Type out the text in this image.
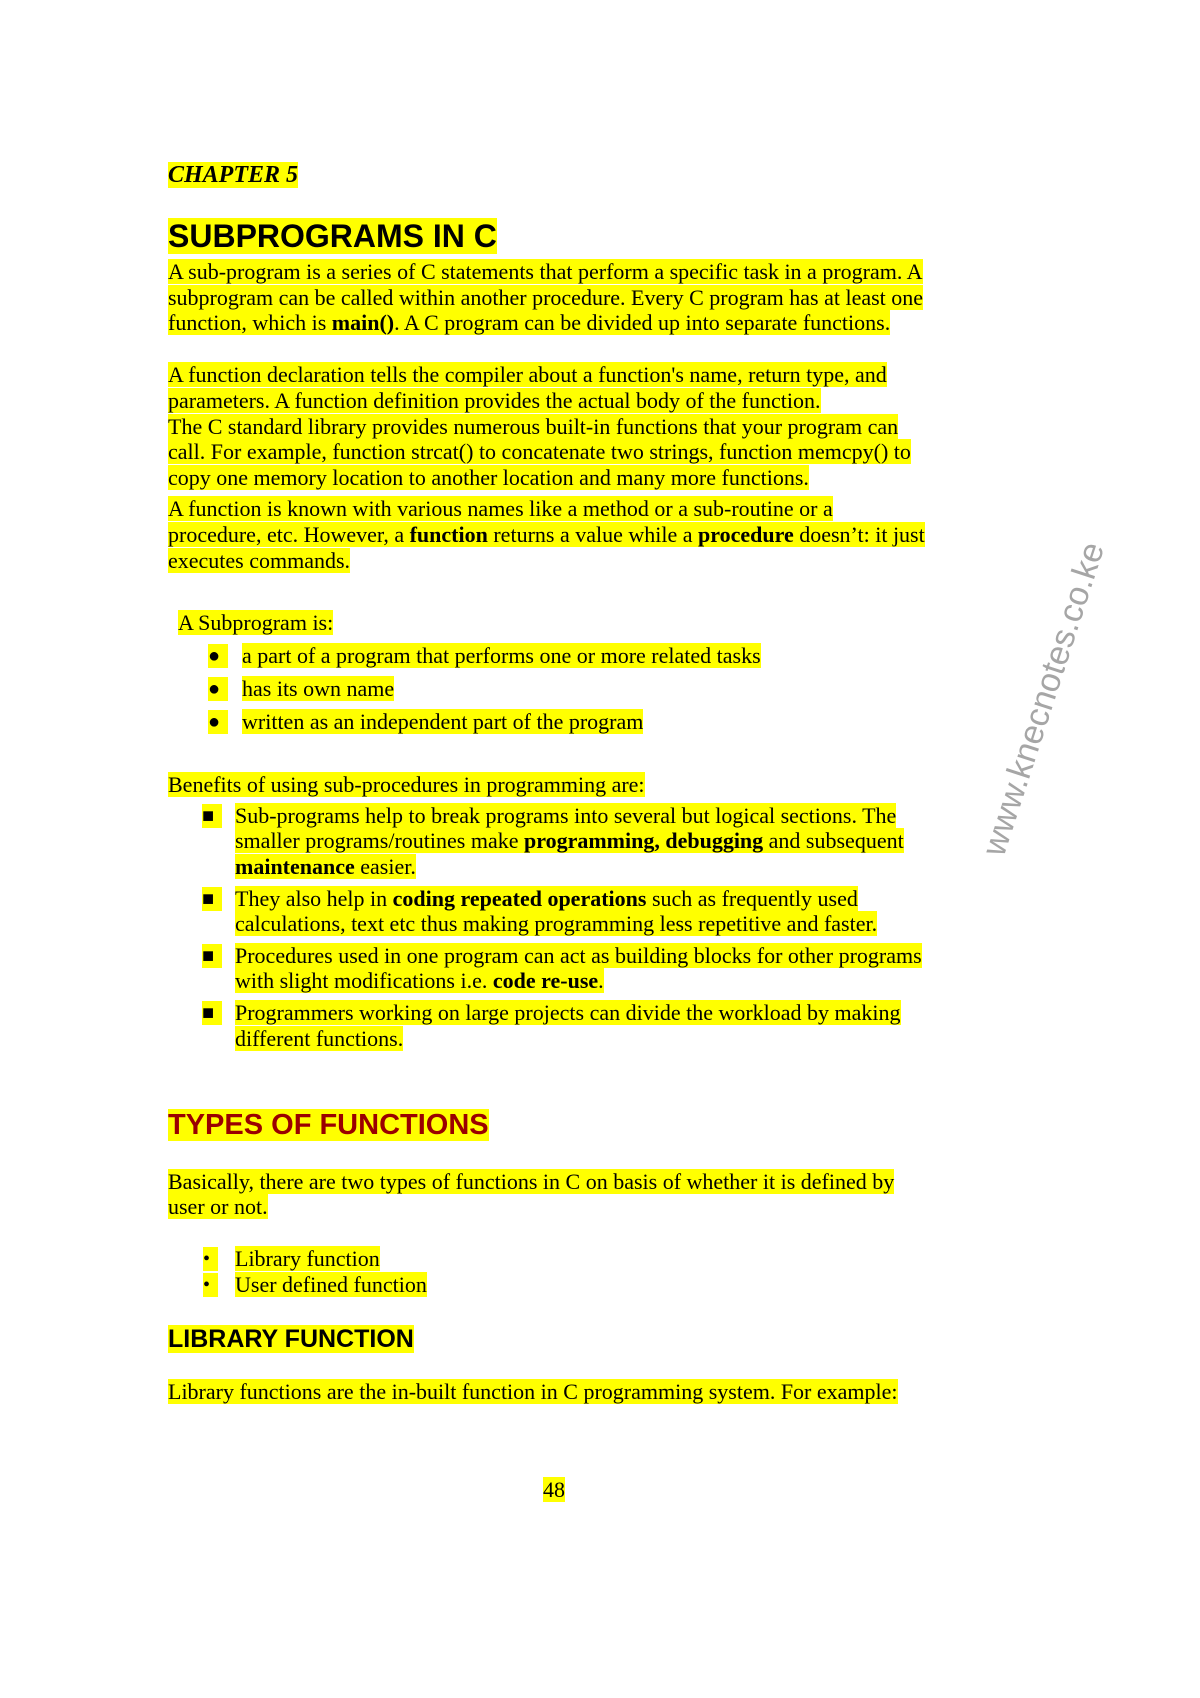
www.knecnotes.co.ke
CHAPTER 5
SUBPROGRAMS IN C
TYPES OF FUNCTIONS
LIBRARY FUNCTION
48
A sub-program is a series of C statements that perform a specific task in a program. A
subprogram can be called within another procedure. Every C program has at least one
function, which is main(). A C program can be divided up into separate functions.
A function declaration tells the compiler about a function's name, return type, and
parameters. A function definition provides the actual body of the function.
The C standard library provides numerous built-in functions that your program can
call. For example, function strcat() to concatenate two strings, function memcpy() to
copy one memory location to another location and many more functions.
A function is known with various names like a method or a sub-routine or a
procedure, etc. However, a function returns a value while a procedure doesn’t: it just
executes commands.
A Subprogram is:
● a part of a program that performs one or more related tasks
● has its own name
● written as an independent part of the program
Benefits of using sub-procedures in programming are:
■ Sub-programs help to break programs into several but logical sections. The
smaller programs/routines make programming, debugging and subsequent
maintenance easier.
■ They also help in coding repeated operations such as frequently used
calculations, text etc thus making programming less repetitive and faster.
■ Procedures used in one program can act as building blocks for other programs
with slight modifications i.e. code re-use.
■ Programmers working on large projects can divide the workload by making
different functions.
Basically, there are two types of functions in C on basis of whether it is defined by
user or not.
•	Library function
•	User defined function
Library functions are the in-built function in C programming system. For example:
